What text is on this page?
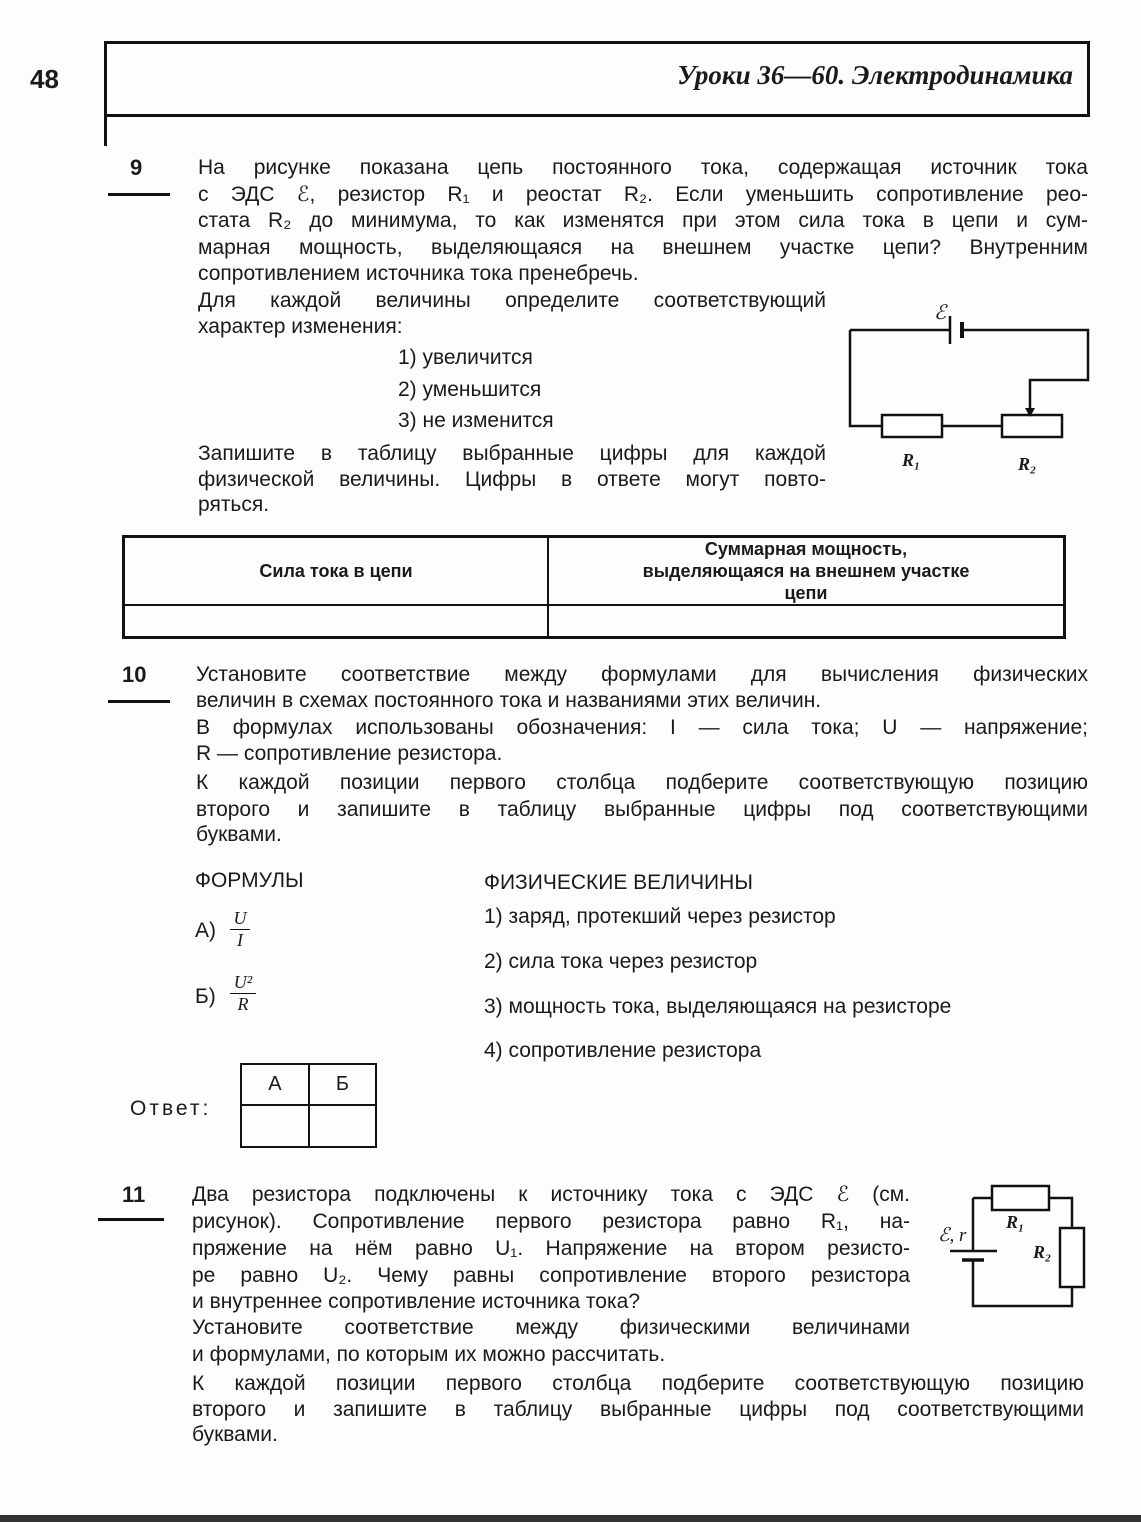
48	Уроки 36—60. Электродинамика
9	На рисунке показана цепь постоянного тока, содержащая источник тока
с ЭДС ℰ, резистор R₁ и реостат R₂. Если уменьшить сопротивление рео-
стата R₂ до минимума, то как изменятся при этом сила тока в цепи и сум-
марная мощность, выделяющаяся на внешнем участке цепи? Внутренним
сопротивлением источника тока пренебречь.
Для каждой величины определите соответствующий
характер изменения:
1) увеличится
2) уменьшится
3) не изменится
Запишите в таблицу выбранные цифры для каждой
физической величины. Цифры в ответе могут повто-
ряться.
ℰ
R₁	R₂
Сила тока в цепи	Суммарная мощность, выделяющаяся на внешнем участке цепи

10 Установите соответствие между формулами для вычисления физических
величин в схемах постоянного тока и названиями этих величин.
В формулах использованы обозначения: I — сила тока; U — напряжение;
R — сопротивление резистора.
К каждой позиции первого столбца подберите соответствующую позицию
второго и запишите в таблицу выбранные цифры под соответствующими
буквами.
ФОРМУЛЫ	ФИЗИЧЕСКИЕ ВЕЛИЧИНЫ
$А) \frac{U}{I}$
$Б) \frac{\text{U²}}{R}$
1) заряд, протекший через резистор
2) сила тока через резистор
3) мощность тока, выделяющаяся на резисторе
4) сопротивление резистора
Ответ:
А	Б

11 Два резистора подключены к источнику тока с ЭДС ℰ (см.
рисунок). Сопротивление первого резистора равно R₁, на-
пряжение на нём равно U₁. Напряжение на втором резисто-
ре равно U₂. Чему равны сопротивление второго резистора
и внутреннее сопротивление источника тока?
Установите соответствие между физическими величинами
и формулами, по которым их можно рассчитать.
К каждой позиции первого столбца подберите соответствующую позицию
второго и запишите в таблицу выбранные цифры под соответствующими
буквами.
ℰ, r
R₁
R₂
